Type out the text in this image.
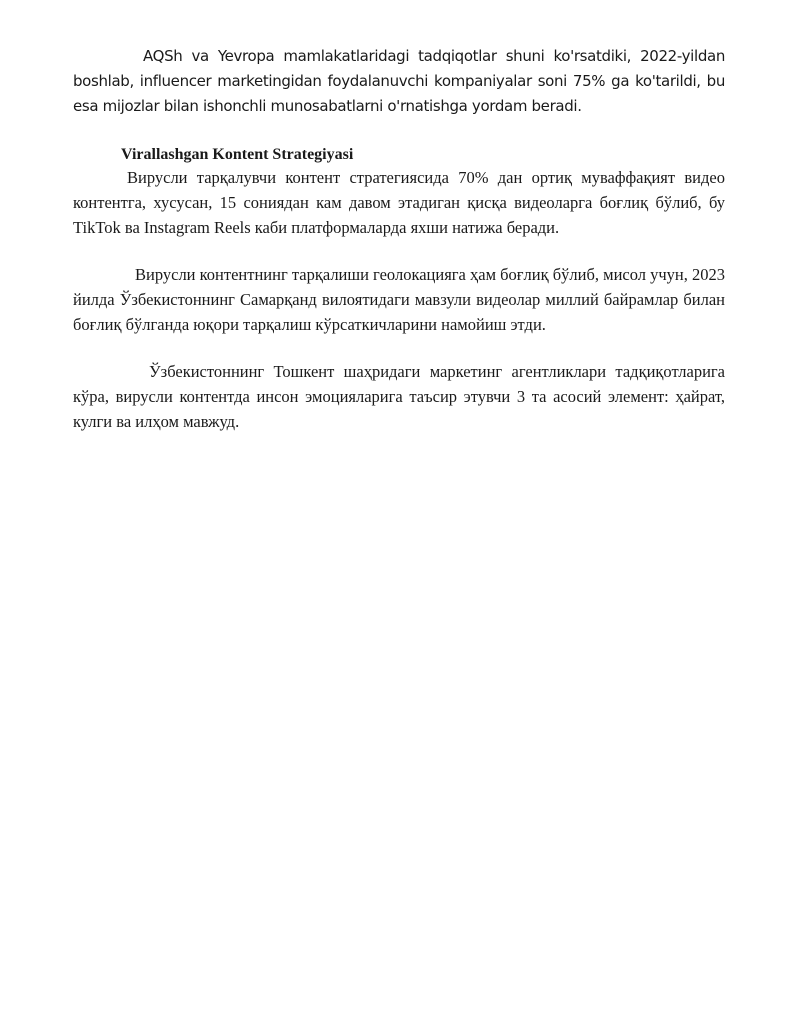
AQSh va Yevropa mamlakatlaridagi tadqiqotlar shuni ko'rsatdiki, 2022-yildan boshlab, influencer marketingidan foydalanuvchi kompaniyalar soni 75% ga ko'tarildi, bu esa mijozlar bilan ishonchli munosabatlarni o'rnatishga yordam beradi.

Virallashgan Kontent Strategiyasi

Вирусли тарқалувчи контент стратегиясида 70% дан ортиқ муваффақият видео контентга, хусусан, 15 сониядан кам давом этадиган қисқа видеоларга боғлиқ бўлиб, бу TikTok ва Instagram Reels каби платформаларда яхши натижа беради.

Вирусли контентнинг тарқалиши геолокацияга ҳам боғлиқ бўлиб, мисол учун, 2023 йилда Ўзбекистоннинг Самарқанд вилоятидаги мавзули видеолар миллий байрамлар билан боғлиқ бўлганда юқори тарқалиш кўрсаткичларини намойиш этди.

Ўзбекистоннинг Тошкент шаҳридаги маркетинг агентликлари тадқиқотларига кўра, вирусли контентда инсон эмоцияларига таъсир этувчи 3 та асосий элемент: ҳайрат, кулги ва илҳом мавжуд.
